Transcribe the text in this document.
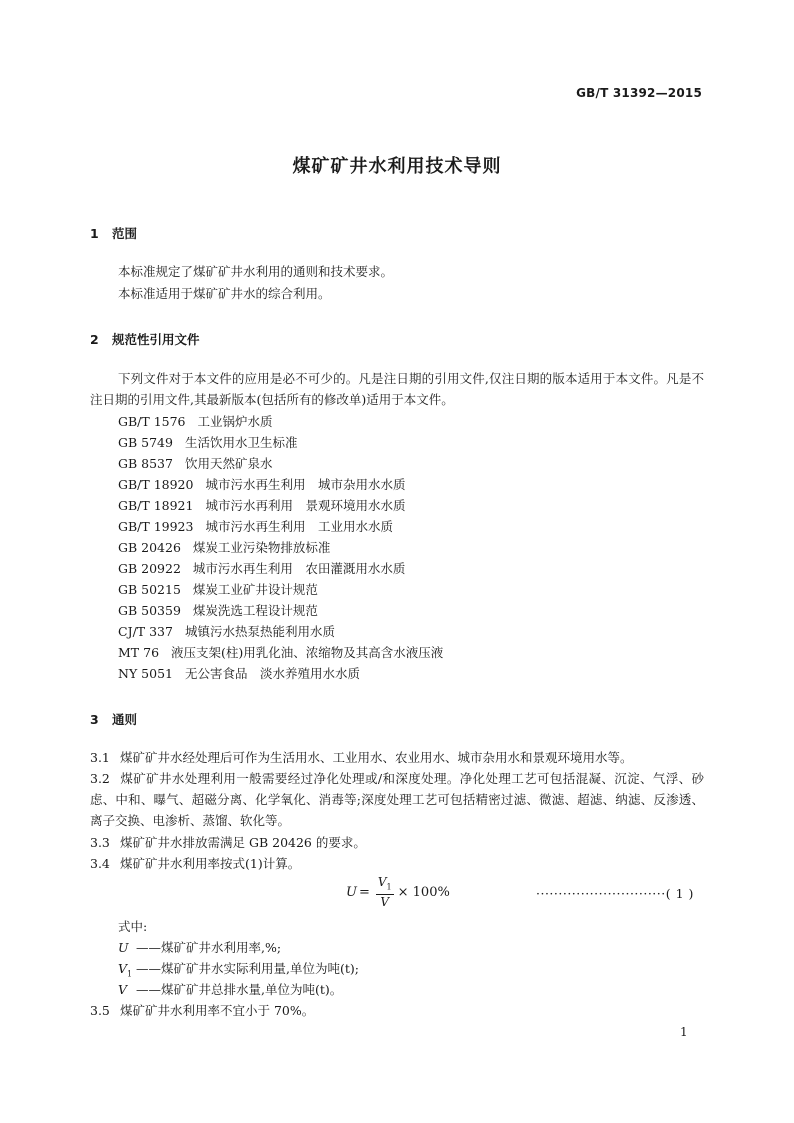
GB/T 31392—2015
煤矿矿井水利用技术导则
1 范围
本标准规定了煤矿矿井水利用的通则和技术要求。
本标准适用于煤矿矿井水的综合利用。
2 规范性引用文件
下列文件对于本文件的应用是必不可少的。凡是注日期的引用文件,仅注日期的版本适用于本文件。凡是不注日期的引用文件,其最新版本(包括所有的修改单)适用于本文件。
GB/T 1576 工业锅炉水质
GB 5749 生活饮用水卫生标准
GB 8537 饮用天然矿泉水
GB/T 18920 城市污水再生利用　城市杂用水水质
GB/T 18921 城市污水再利用　景观环境用水水质
GB/T 19923 城市污水再生利用　工业用水水质
GB 20426 煤炭工业污染物排放标准
GB 20922 城市污水再生利用　农田灌溉用水水质
GB 50215 煤炭工业矿井设计规范
GB 50359 煤炭洗选工程设计规范
CJ/T 337 城镇污水热泵热能利用水质
MT 76 液压支架(柱)用乳化油、浓缩物及其高含水液压液
NY 5051 无公害食品　淡水养殖用水水质
3 通则
3.1 煤矿矿井水经处理后可作为生活用水、工业用水、农业用水、城市杂用水和景观环境用水等。
3.2 煤矿矿井水处理利用一般需要经过净化处理或/和深度处理。净化处理工艺可包括混凝、沉淀、气浮、砂虑、中和、曝气、超磁分离、化学氧化、消毒等;深度处理工艺可包括精密过滤、微滤、超滤、纳滤、反渗透、离子交换、电渗析、蒸馏、软化等。
3.3 煤矿矿井水排放需满足 GB 20426 的要求。
3.4 煤矿矿井水利用率按式(1)计算。
$U = \frac{V_1}{V} \times 100\%$	·····························( 1 )
式中:
U ——煤矿矿井水利用率,%;
$V_1$ ——煤矿矿井水实际利用量,单位为吨(t);
V ——煤矿矿井总排水量,单位为吨(t)。
3.5 煤矿矿井水利用率不宜小于 70%。
1
